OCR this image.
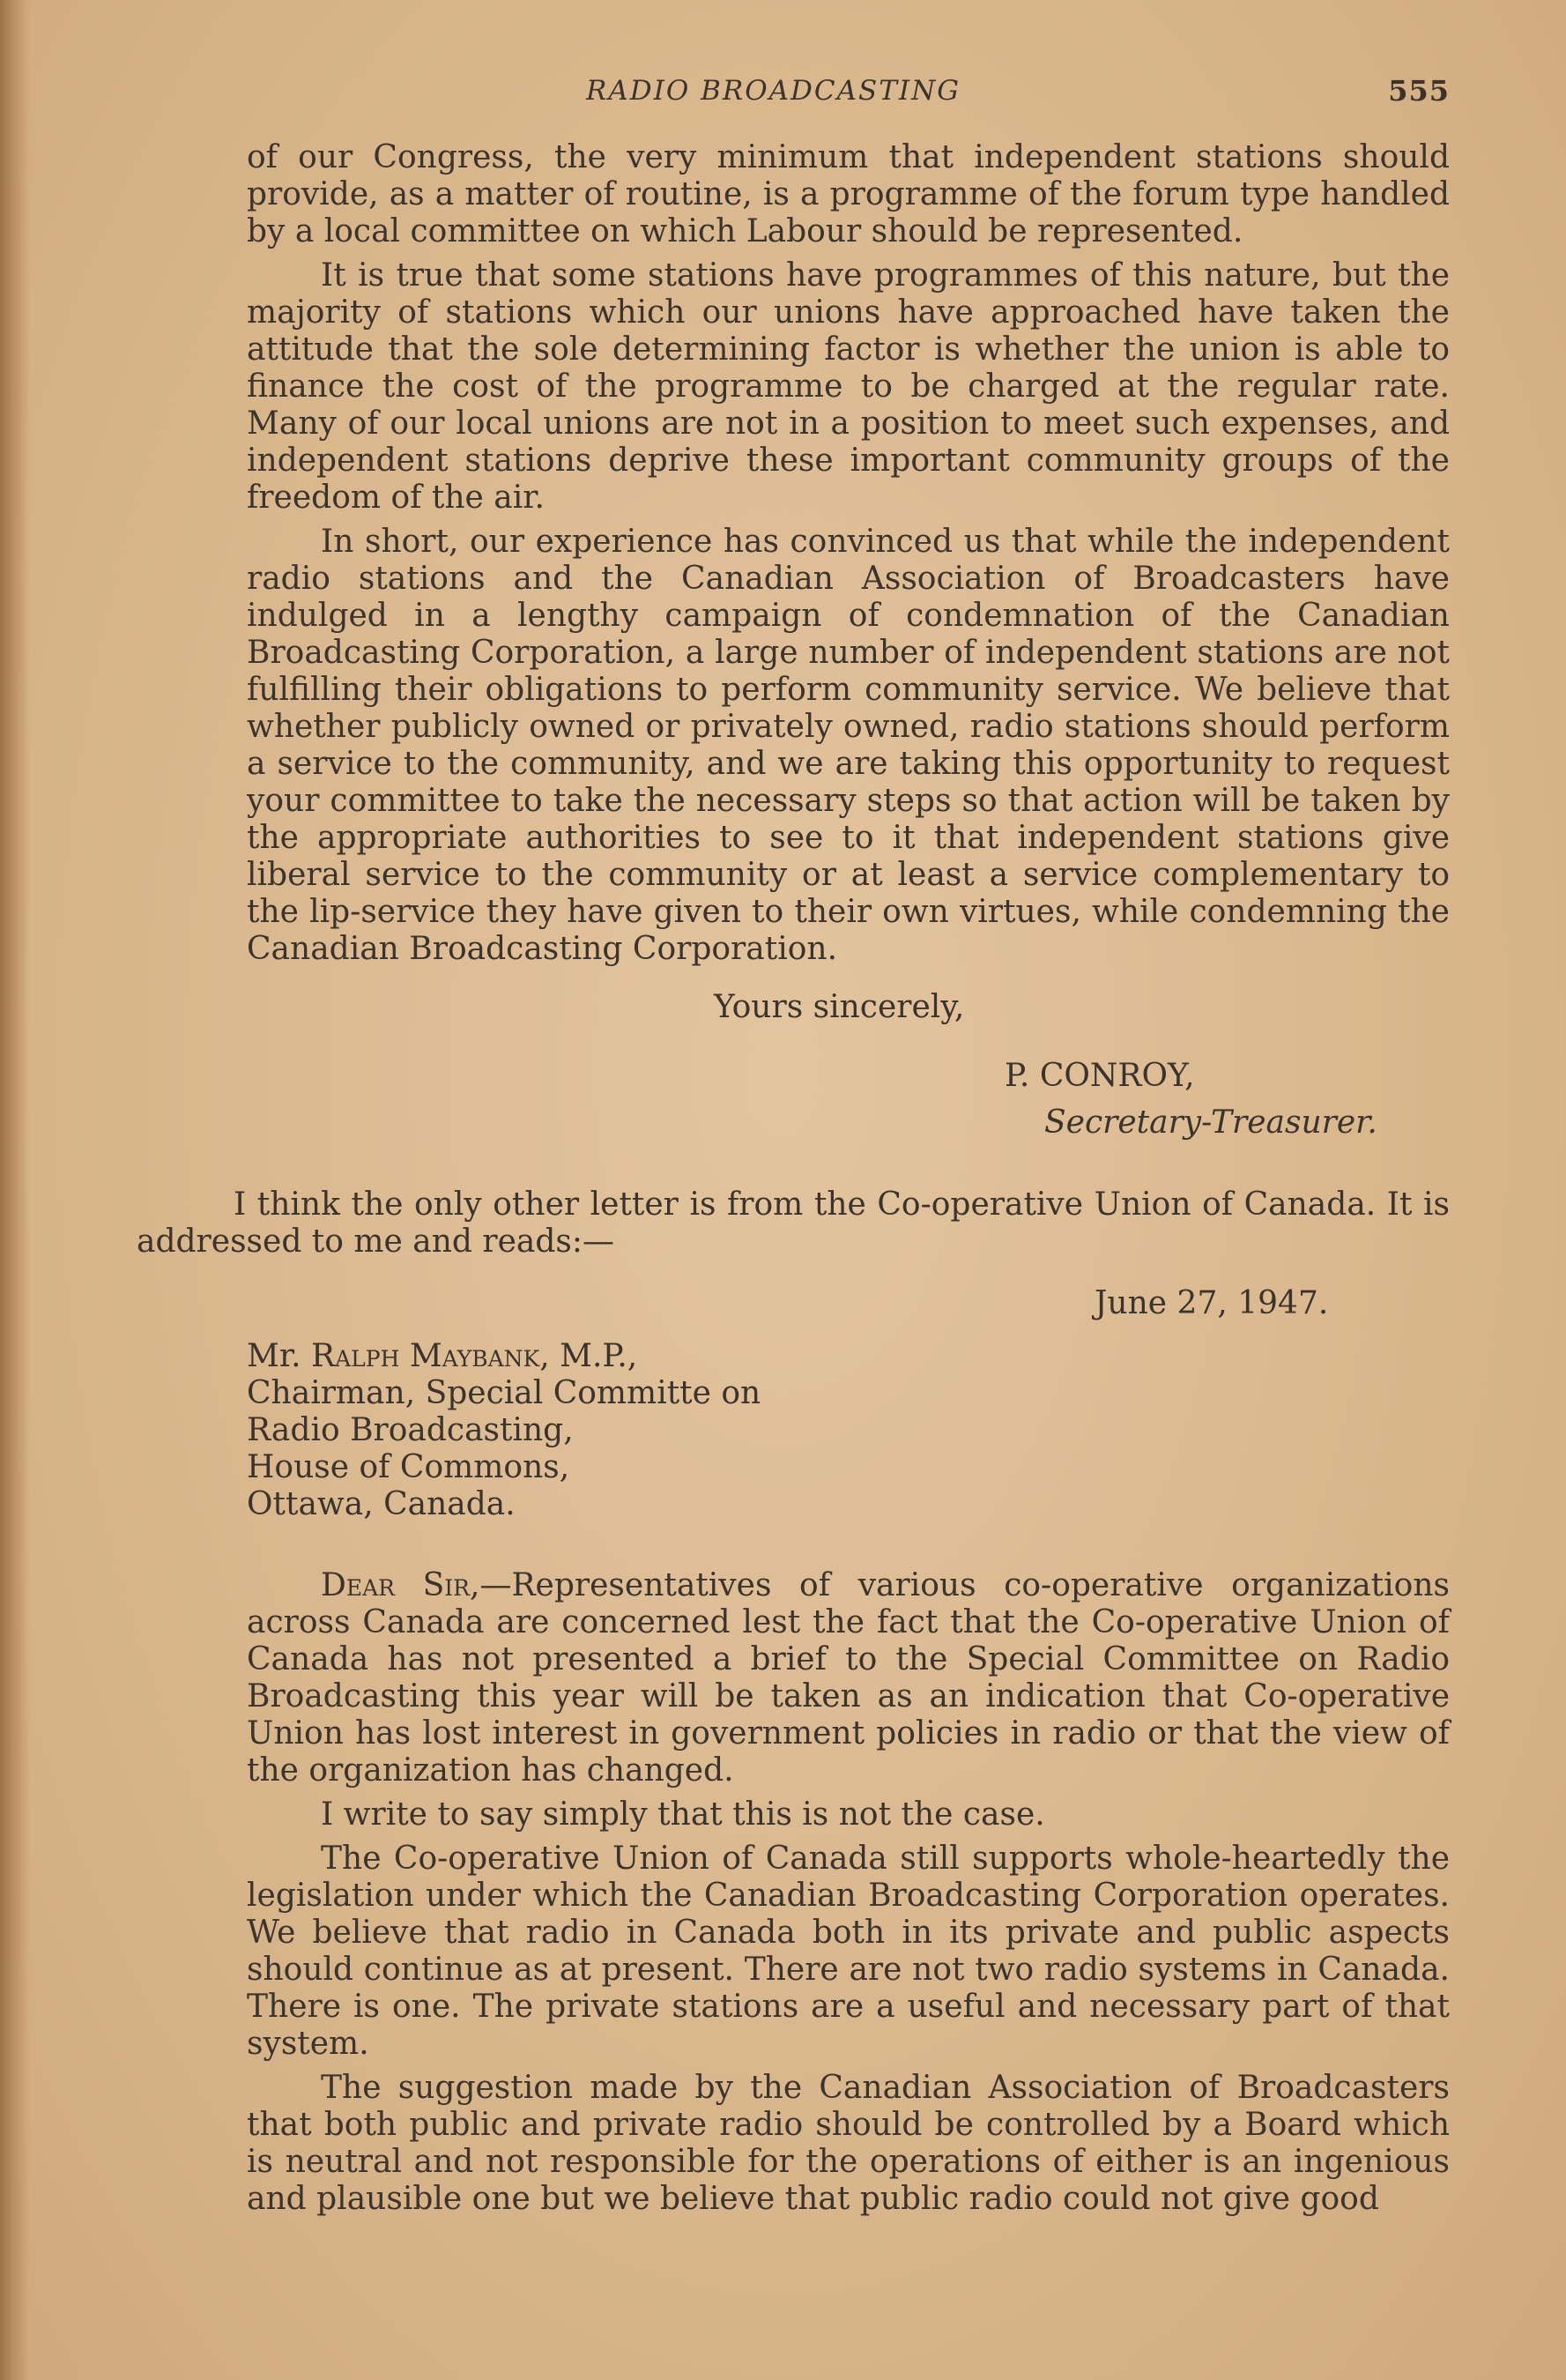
RADIO BROADCASTING	555

of our Congress, the very minimum that independent stations should provide, as a matter of routine, is a programme of the forum type handled by a local committee on which Labour should be represented.

It is true that some stations have programmes of this nature, but the majority of stations which our unions have approached have taken the attitude that the sole determining factor is whether the union is able to finance the cost of the programme to be charged at the regular rate. Many of our local unions are not in a position to meet such expenses, and independent stations deprive these important community groups of the freedom of the air.

In short, our experience has convinced us that while the independent radio stations and the Canadian Association of Broadcasters have indulged in a lengthy campaign of condemnation of the Canadian Broadcasting Corporation, a large number of independent stations are not fulfilling their obligations to perform community service. We believe that whether publicly owned or privately owned, radio stations should perform a service to the community, and we are taking this opportunity to request your committee to take the necessary steps so that action will be taken by the appropriate authorities to see to it that independent stations give liberal service to the community or at least a service complementary to the lip-service they have given to their own virtues, while condemning the Canadian Broadcasting Corporation.

Yours sincerely,
P. CONROY,
Secretary-Treasurer.

I think the only other letter is from the Co-operative Union of Canada. It is addressed to me and reads:—

June 27, 1947.
Mr. Ralph Maybank, M.P.,
Chairman, Special Committe on
Radio Broadcasting,
House of Commons,
Ottawa, Canada.

Dear Sir,—Representatives of various co-operative organizations across Canada are concerned lest the fact that the Co-operative Union of Canada has not presented a brief to the Special Committee on Radio Broadcasting this year will be taken as an indication that Co-operative Union has lost interest in government policies in radio or that the view of the organization has changed.

I write to say simply that this is not the case.

The Co-operative Union of Canada still supports whole-heartedly the legislation under which the Canadian Broadcasting Corporation operates. We believe that radio in Canada both in its private and public aspects should continue as at present. There are not two radio systems in Canada. There is one. The private stations are a useful and necessary part of that system.

The suggestion made by the Canadian Association of Broadcasters that both public and private radio should be controlled by a Board which is neutral and not responsible for the operations of either is an ingenious and plausible one but we believe that public radio could not give good
